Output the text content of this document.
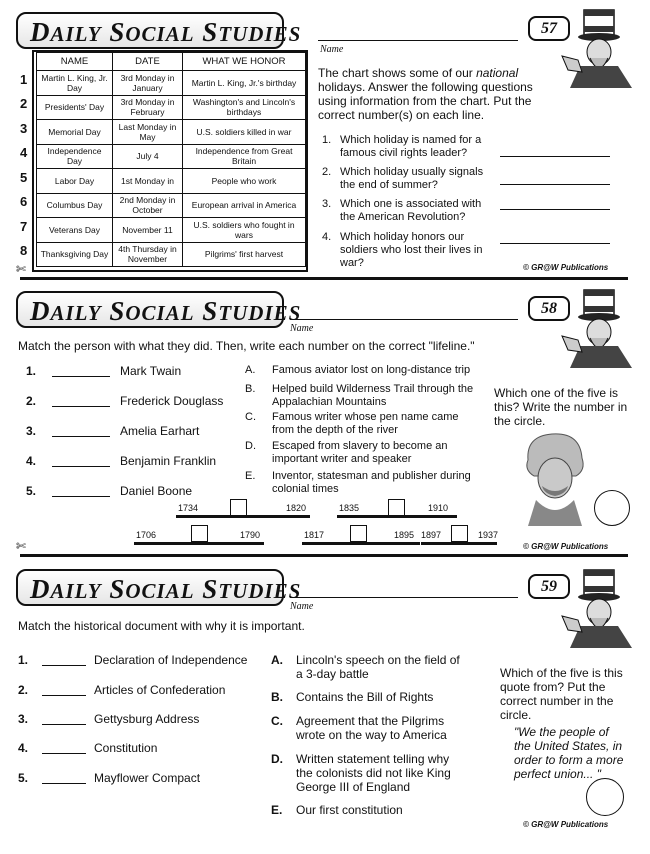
DAILY SOCIAL STUDIES
Name
57
1
2
3
4
5
6
7
8
NAME	DATE	WHAT WE HONOR
Martin L. King, Jr. Day	3rd Monday in January	Martin L. King, Jr.'s birthday
Presidents' Day	3rd Monday in February	Washington's and Lincoln's birthdays
Memorial Day	Last Monday in May	U.S. soldiers killed in war
Independence Day	July 4	Independence from Great Britain
Labor Day	1st Monday in	People who work
Columbus Day	2nd Monday in October	European arrival in America
Veterans Day	November 11	U.S. soldiers who fought in wars
Thanksgiving Day	4th Thursday in November	Pilgrims' first harvest
The chart shows some of our national holidays. Answer the following questions using information from the chart. Put the correct number(s) on each line.
1. Which holiday is named for a famous civil rights leader?
2. Which holiday usually signals the end of summer?
3. Which one is associated with the American Revolution?
4. Which holiday honors our soldiers who lost their lives in war?	© GR@W Publications
✄
DAILY SOCIAL STUDIES
Name
58
Match the person with what they did. Then, write each number on the correct "lifeline."
1.	Mark Twain
2.	Frederick Douglass
3.	Amelia Earhart
4.	Benjamin Franklin
5.	Daniel Boone
A. Famous aviator lost on long-distance trip
B. Helped build Wilderness Trail through the Appalachian Mountains
C. Famous writer whose pen name came from the depth of the river
D. Escaped from slavery to become an important writer and speaker
E. Inventor, statesman and publisher during colonial times
Which one of the five is this? Write the number in the circle.
1734	1820	1835	1910
1706	1790	1817	1895 1897	1937
© GR@W Publications
✄
DAILY SOCIAL STUDIES
Name
59
Match the historical document with why it is important.
1.	Declaration of Independence
2.	Articles of Confederation
3.	Gettysburg Address
4.	Constitution
5.	Mayflower Compact
A. Lincoln's speech on the field of a 3-day battle
B. Contains the Bill of Rights
C. Agreement that the Pilgrims wrote on the way to America
D. Written statement telling why the colonists did not like King George III of England
E. Our first constitution
Which of the five is this quote from? Put the correct number in the circle.
"We the people of the United States, in order to form a more perfect union... "
© GR@W Publications
